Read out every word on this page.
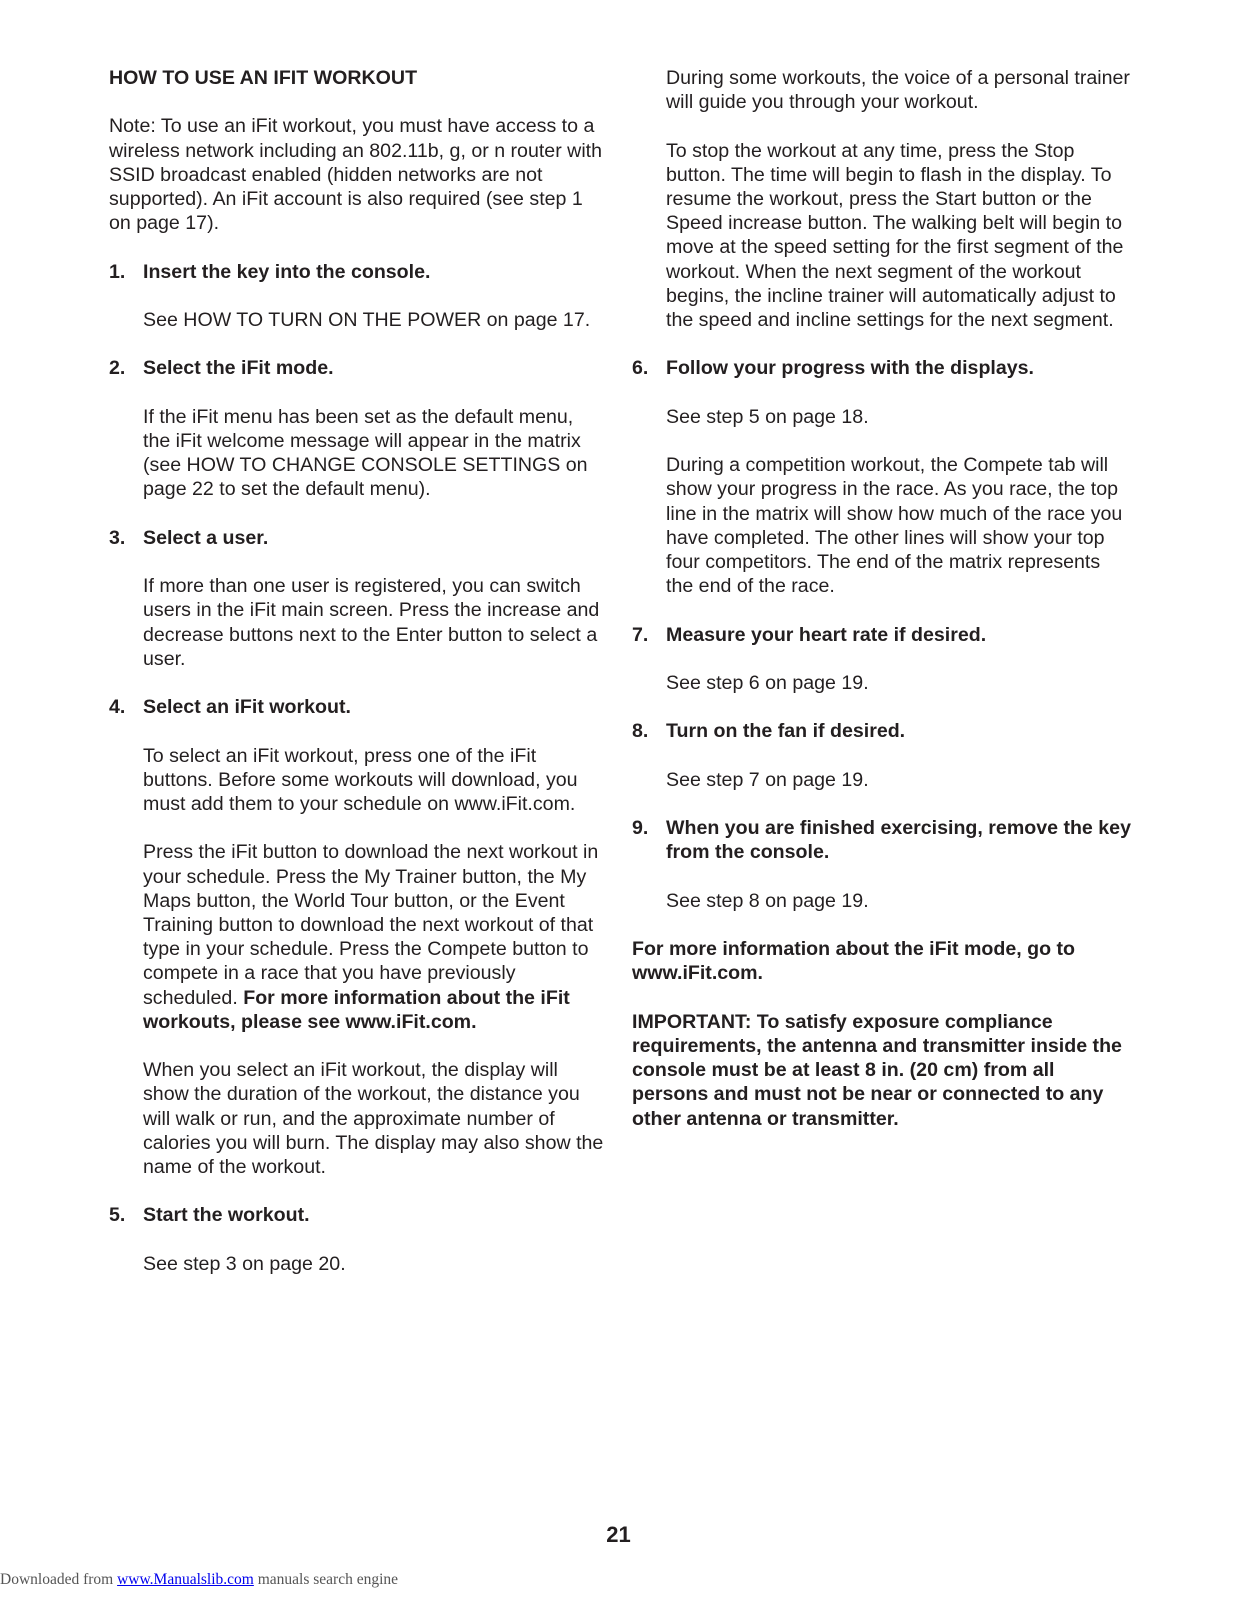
HOW TO USE AN IFIT WORKOUT

Note: To use an iFit workout, you must have access to a wireless network including an 802.11b, g, or n router with SSID broadcast enabled (hidden networks are not supported). An iFit account is also required (see step 1 on page 17).

1. Insert the key into the console.

See HOW TO TURN ON THE POWER on page 17.

2. Select the iFit mode.

If the iFit menu has been set as the default menu, the iFit welcome message will appear in the matrix (see HOW TO CHANGE CONSOLE SETTINGS on page 22 to set the default menu).

3. Select a user.

If more than one user is registered, you can switch users in the iFit main screen. Press the increase and decrease buttons next to the Enter button to select a user.

4. Select an iFit workout.

To select an iFit workout, press one of the iFit buttons. Before some workouts will download, you must add them to your schedule on www.iFit.com.

Press the iFit button to download the next workout in your schedule. Press the My Trainer button, the My Maps button, the World Tour button, or the Event Training button to download the next workout of that type in your schedule. Press the Compete button to compete in a race that you have previously scheduled. For more information about the iFit workouts, please see www.iFit.com.

When you select an iFit workout, the display will show the duration of the workout, the distance you will walk or run, and the approximate number of calories you will burn. The display may also show the name of the workout.

5. Start the workout.

See step 3 on page 20.

During some workouts, the voice of a personal trainer will guide you through your workout.

To stop the workout at any time, press the Stop button. The time will begin to flash in the display. To resume the workout, press the Start button or the Speed increase button. The walking belt will begin to move at the speed setting for the first segment of the workout. When the next segment of the workout begins, the incline trainer will automatically adjust to the speed and incline settings for the next segment.

6. Follow your progress with the displays.

See step 5 on page 18.

During a competition workout, the Compete tab will show your progress in the race. As you race, the top line in the matrix will show how much of the race you have completed. The other lines will show your top four competitors. The end of the matrix represents the end of the race.

7. Measure your heart rate if desired.

See step 6 on page 19.

8. Turn on the fan if desired.

See step 7 on page 19.

9. When you are finished exercising, remove the key from the console.

See step 8 on page 19.

For more information about the iFit mode, go to www.iFit.com.

IMPORTANT: To satisfy exposure compliance requirements, the antenna and transmitter inside the console must be at least 8 in. (20 cm) from all persons and must not be near or connected to any other antenna or transmitter.

21
Downloaded from www.Manualslib.com manuals search engine
